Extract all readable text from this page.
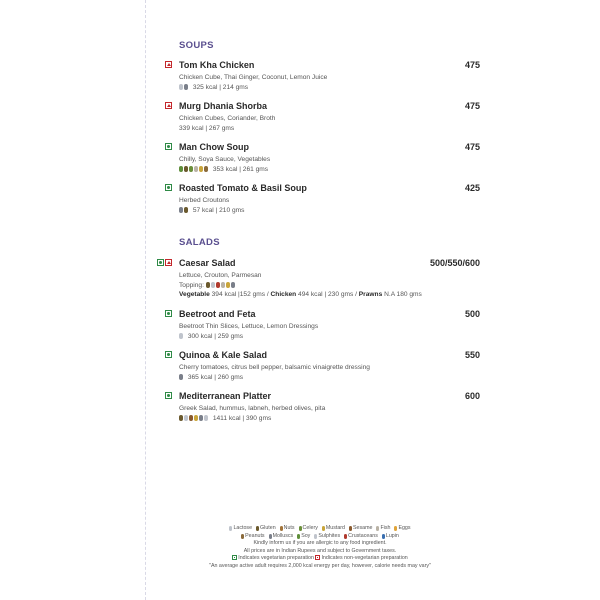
SOUPS
Tom Kha Chicken	475
Chicken Cube, Thai Ginger, Coconut, Lemon Juice
325 kcal | 214 gms
Murg Dhania Shorba	475
Chicken Cubes, Coriander, Broth
339 kcal | 267 gms
Man Chow Soup	475
Chilly, Soya Sauce, Vegetables
353 kcal | 261 gms
Roasted Tomato & Basil Soup	425
Herbed Croutons
57 kcal | 210 gms
SALADS
Caesar Salad	500/550/600
Lettuce, Crouton, Parmesan
Topping:
Vegetable 394 kcal |152 gms / Chicken 494 kcal | 230 gms / Prawns N.A 180 gms
Beetroot and Feta	500
Beetroot Thin Slices, Lettuce, Lemon Dressings
300 kcal | 259 gms
Quinoa & Kale Salad	550
Cherry tomatoes, citrus bell pepper, balsamic vinaigrette dressing
365 kcal | 260 gms
Mediterranean Platter	600
Greek Salad, hummus, labneh, herbed olives, pita
1411 kcal | 390 gms
Lactose Gluten Nuts Celery Mustard Sesame Fish Eggs
Peanuts Molluscs Soy Sulphites Crustaceans Lupin
Kindly inform us if you are allergic to any food ingredient.
All prices are in Indian Rupees and subject to Government taxes.
Indicates vegetarian preparation Indicates non-vegetarian preparation
"An average active adult requires 2,000 kcal energy per day, however, calorie needs may vary"
